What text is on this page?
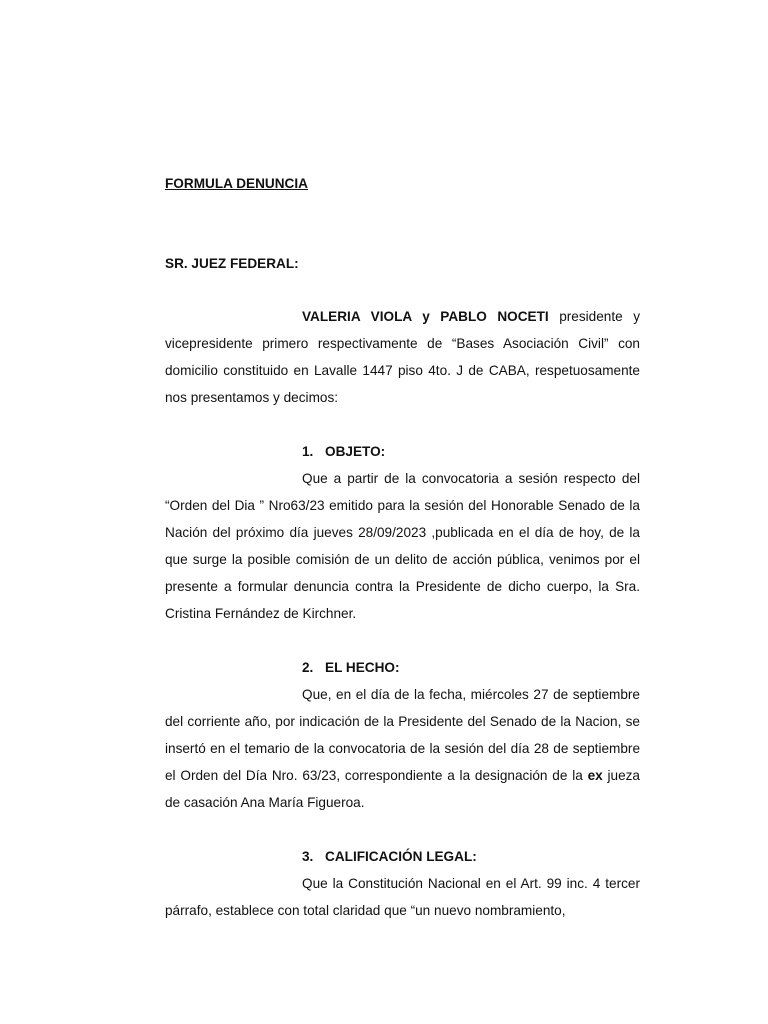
FORMULA DENUNCIA

SR. JUEZ FEDERAL:

VALERIA VIOLA y PABLO NOCETI presidente y vicepresidente primero respectivamente de “Bases Asociación Civil” con domicilio constituido en Lavalle 1447 piso 4to. J de CABA, respetuosamente nos presentamos y decimos:

1. OBJETO:

Que a partir de la convocatoria a sesión respecto del “Orden del Dia ” Nro63/23 emitido para la sesión del Honorable Senado de la Nación del próximo día jueves 28/09/2023 ,publicada en el día de hoy, de la que surge la posible comisión de un delito de acción pública, venimos por el presente a formular denuncia contra la Presidente de dicho cuerpo, la Sra. Cristina Fernández de Kirchner.

2. EL HECHO:

Que, en el día de la fecha, miércoles 27 de septiembre del corriente año, por indicación de la Presidente del Senado de la Nacion, se insertó en el temario de la convocatoria de la sesión del día 28 de septiembre el Orden del Día Nro. 63/23, correspondiente a la designación de la ex jueza de casación Ana María Figueroa.

3. CALIFICACIÓN LEGAL:

Que la Constitución Nacional en el Art. 99 inc. 4 tercer párrafo, establece con total claridad que “un nuevo nombramiento,
